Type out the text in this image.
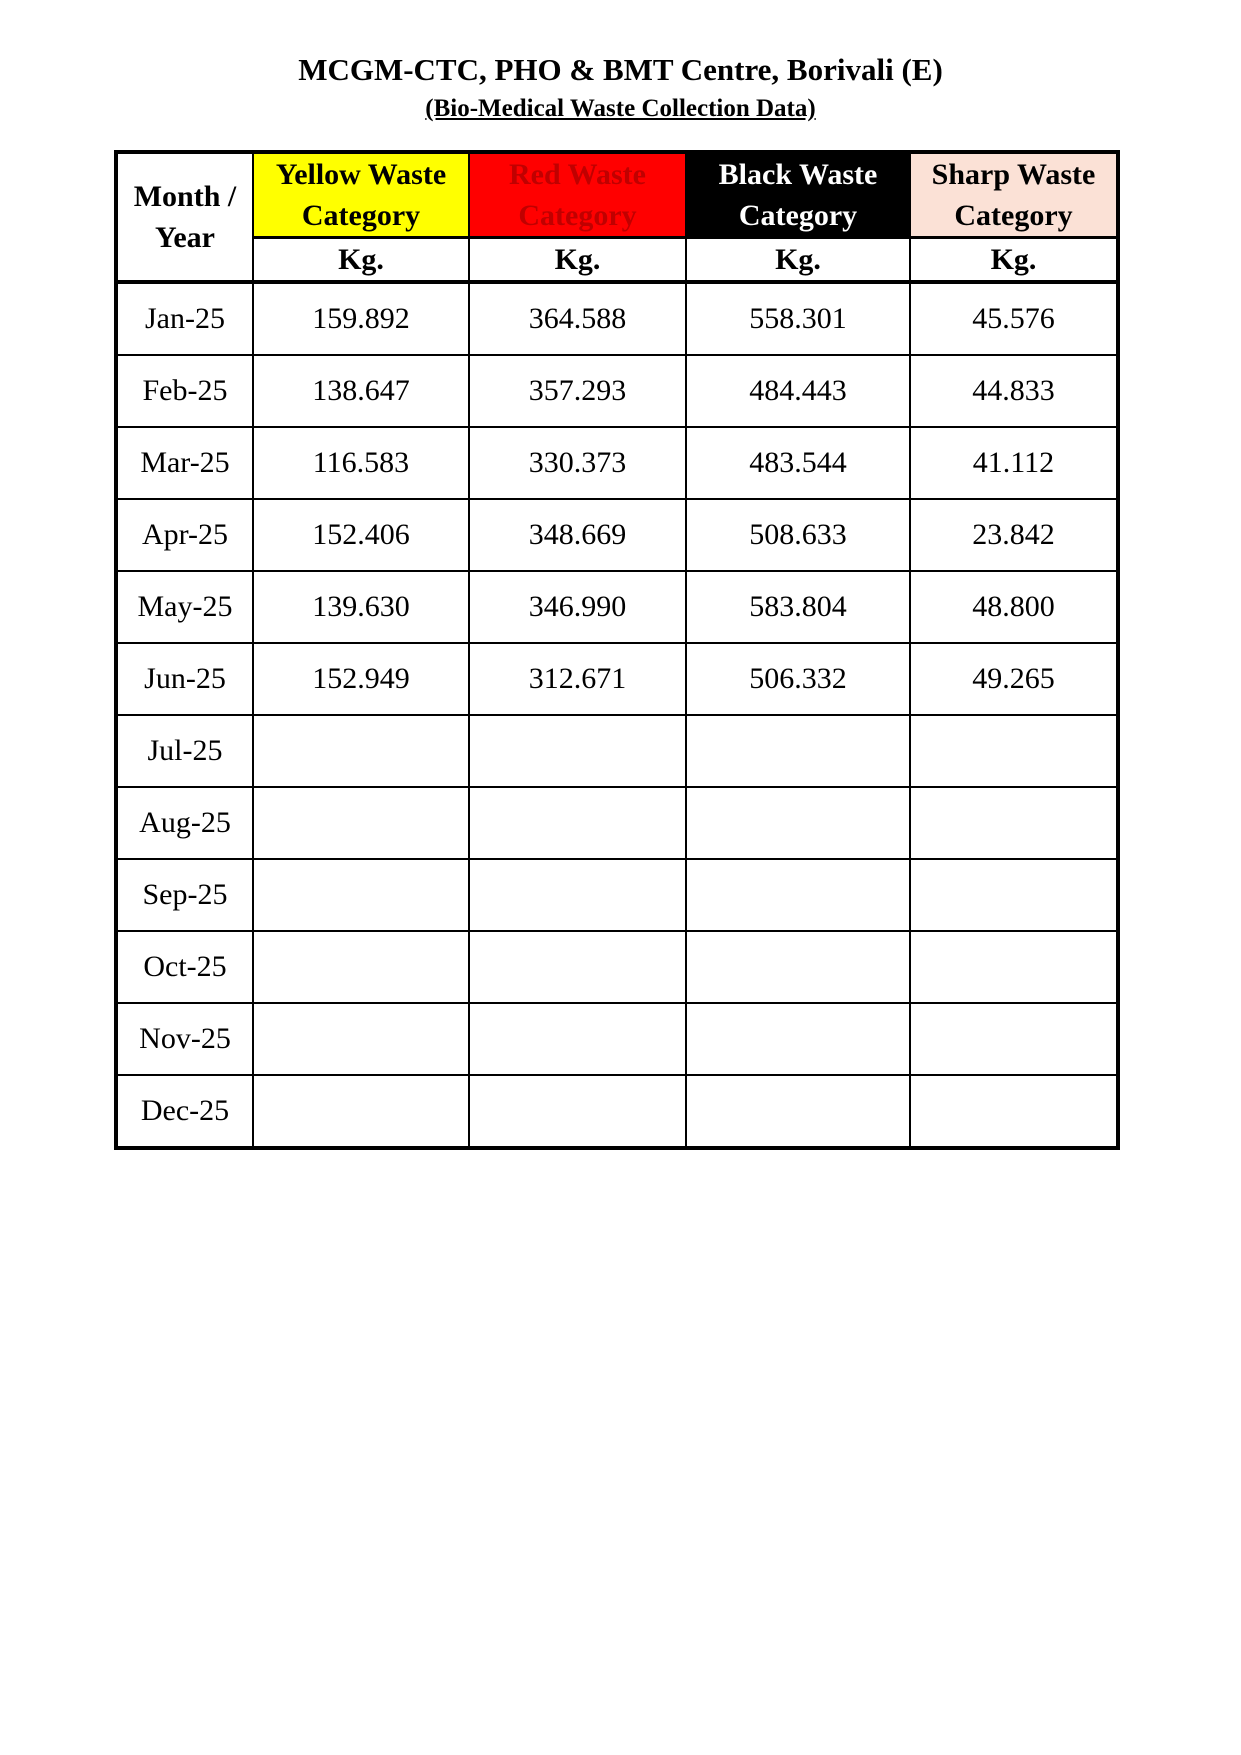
MCGM-CTC, PHO & BMT Centre, Borivali (E)
(Bio-Medical Waste Collection Data)
Month / Year	Yellow Waste Category	Red Waste Category	Black Waste Category	Sharp Waste Category
	Kg.	Kg.	Kg.	Kg.
Jan-25	159.892	364.588	558.301	45.576
Feb-25	138.647	357.293	484.443	44.833
Mar-25	116.583	330.373	483.544	41.112
Apr-25	152.406	348.669	508.633	23.842
May-25	139.630	346.990	583.804	48.800
Jun-25	152.949	312.671	506.332	49.265
Jul-25				
Aug-25				
Sep-25				
Oct-25				
Nov-25				
Dec-25				
